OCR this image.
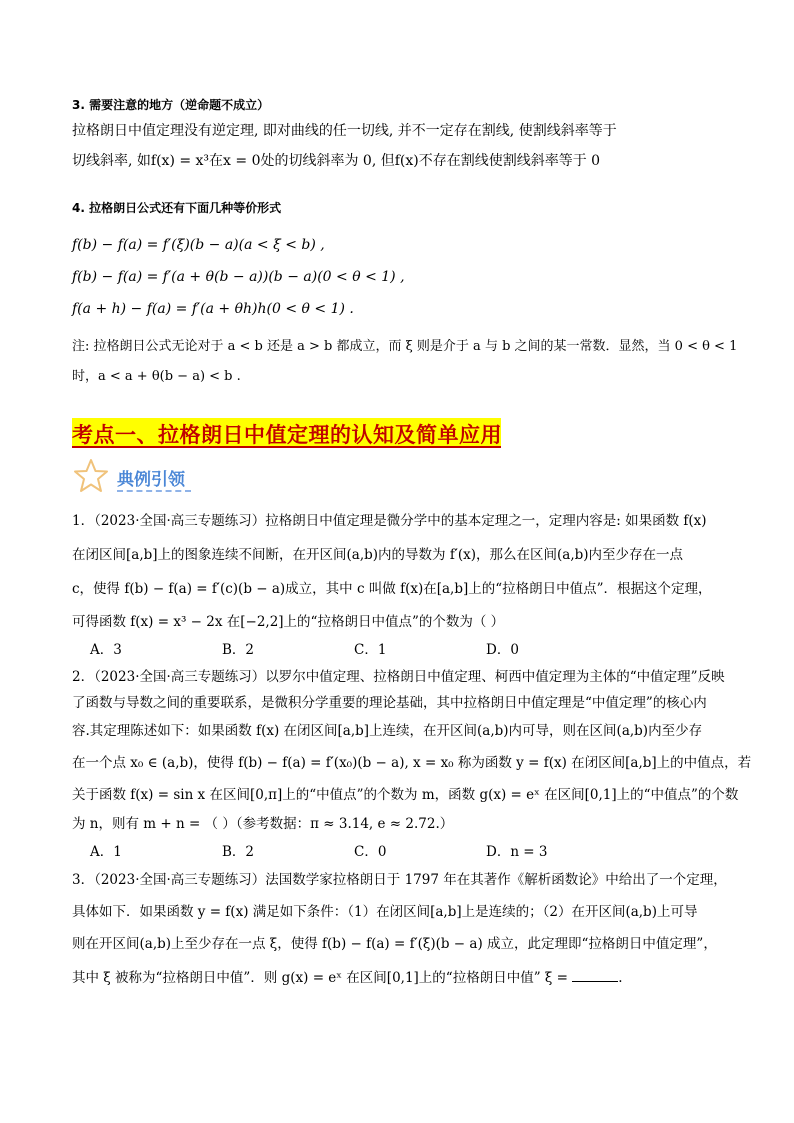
3. 需要注意的地方（逆命题不成立）
拉格朗日中值定理没有逆定理, 即对曲线的任一切线, 并不一定存在割线, 使割线斜率等于
切线斜率, 如f(x) = x³在x = 0处的切线斜率为 0, 但f(x)不存在割线使割线斜率等于 0
4. 拉格朗日公式还有下面几种等价形式
f(b) − f(a) = f′(ξ)(b − a)(a < ξ < b) ,
f(b) − f(a) = f′(a + θ(b − a))(b − a)(0 < θ < 1) ,
f(a + h) − f(a) = f′(a + θh)h(0 < θ < 1) .
注: 拉格朗日公式无论对于 a < b 还是 a > b 都成立，而 ξ 则是介于 a 与 b 之间的某一常数．显然，当 0 < θ < 1
时，a < a + θ(b − a) < b .
考点一、拉格朗日中值定理的认知及简单应用
典例引领
1．（2023·全国·高三专题练习）拉格朗日中值定理是微分学中的基本定理之一，定理内容是: 如果函数 f(x)
在闭区间[a,b]上的图象连续不间断，在开区间(a,b)内的导数为 f′(x)，那么在区间(a,b)内至少存在一点
c，使得 f(b) − f(a) = f′(c)(b − a)成立，其中 c 叫做 f(x)在[a,b]上的“拉格朗日中值点”．根据这个定理，
可得函数 f(x) = x³ − 2x 在[−2,2]上的“拉格朗日中值点”的个数为（ ）
A．3	B．2	C．1	D．0
2．（2023·全国·高三专题练习）以罗尔中值定理、拉格朗日中值定理、柯西中值定理为主体的“中值定理”反映
了函数与导数之间的重要联系，是微积分学重要的理论基础，其中拉格朗日中值定理是“中值定理”的核心内
容.其定理陈述如下：如果函数 f(x) 在闭区间[a,b]上连续，在开区间(a,b)内可导，则在区间(a,b)内至少存
在一个点 x₀ ∈ (a,b)，使得 f(b) − f(a) = f′(x₀)(b − a), x = x₀ 称为函数 y = f(x) 在闭区间[a,b]上的中值点，若
关于函数 f(x) = sin x 在区间[0,π]上的“中值点”的个数为 m，函数 g(x) = eˣ 在区间[0,1]上的“中值点”的个数
为 n，则有 m + n = （ ）（参考数据：π ≈ 3.14, e ≈ 2.72.）
A．1	B．2	C．0	D．n = 3
3．（2023·全国·高三专题练习）法国数学家拉格朗日于 1797 年在其著作《解析函数论》中给出了一个定理，
具体如下．如果函数 y = f(x) 满足如下条件：（1）在闭区间[a,b]上是连续的；（2）在开区间(a,b)上可导
则在开区间(a,b)上至少存在一点 ξ，使得 f(b) − f(a) = f′(ξ)(b − a) 成立，此定理即“拉格朗日中值定理”，
其中 ξ 被称为“拉格朗日中值”．则 g(x) = eˣ 在区间[0,1]上的“拉格朗日中值” ξ =	.
